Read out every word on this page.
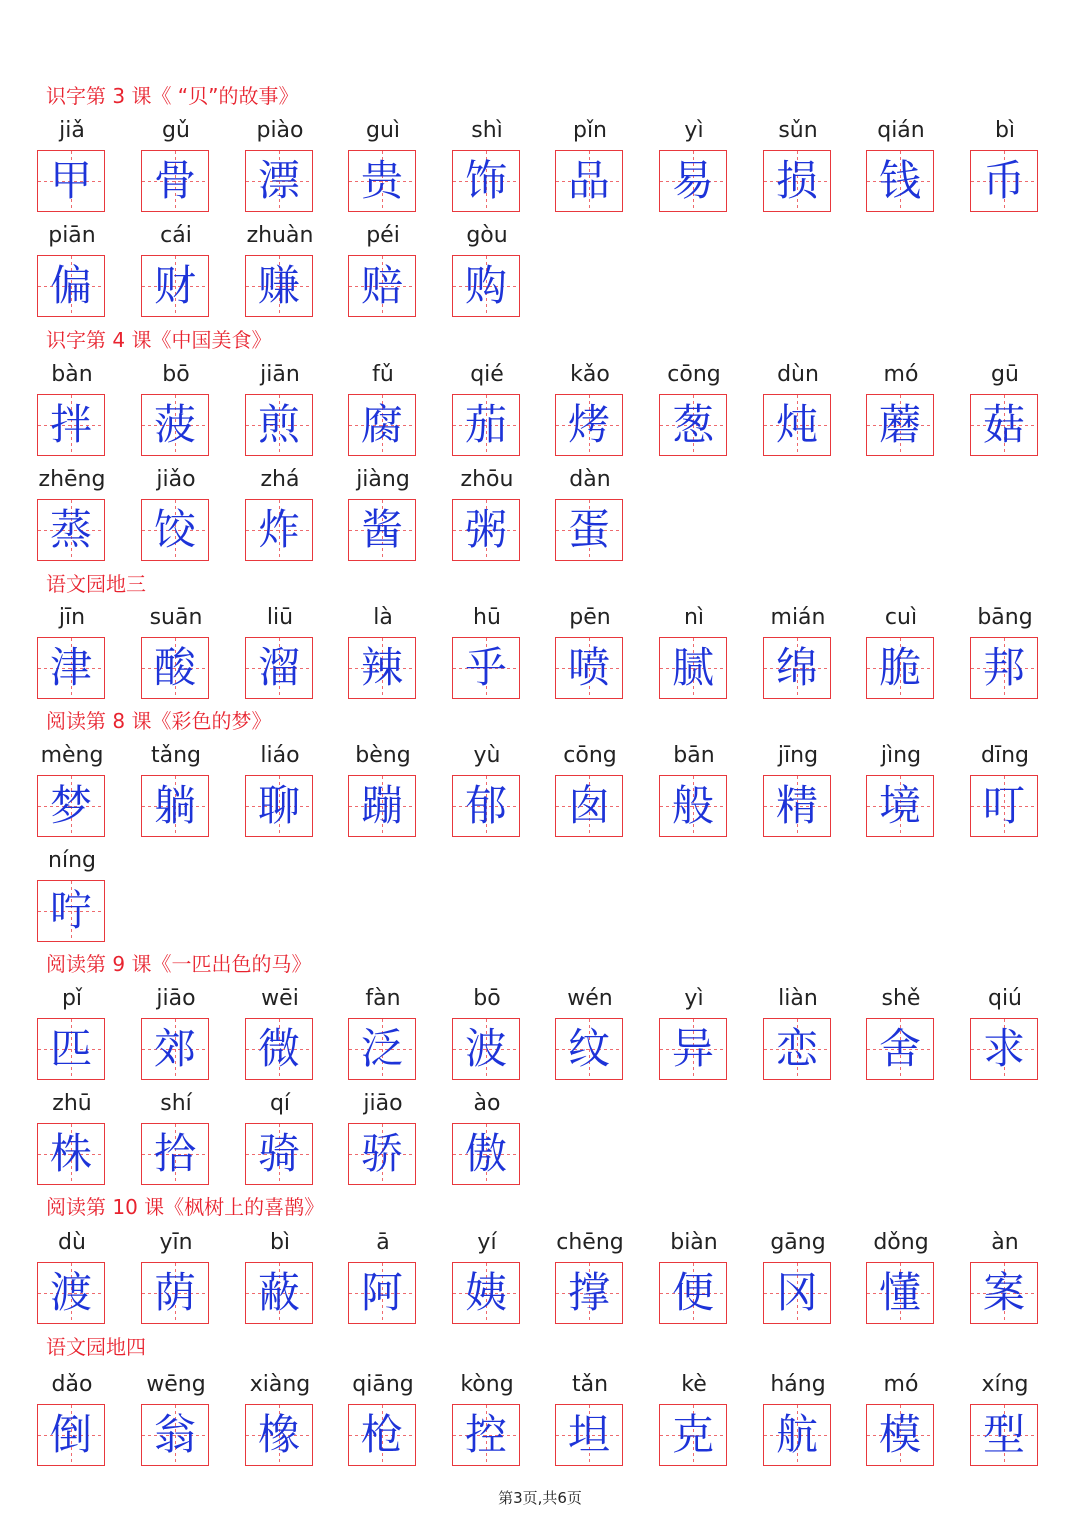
第3页,共6页
识字第 3 课《 “贝”的故事》
jiǎ
甲
gǔ
骨
piào
漂
guì
贵
shì
饰
pǐn
品
yì
易
sǔn
损
qián
钱
bì
币
piān
偏
cái
财
zhuàn
赚
péi
赔
gòu
购
识字第 4 课《中国美食》
bàn
拌
bō
菠
jiān
煎
fǔ
腐
qié
茄
kǎo
烤
cōng
葱
dùn
炖
mó
蘑
gū
菇
zhēng
蒸
jiǎo
饺
zhá
炸
jiàng
酱
zhōu
粥
dàn
蛋
语文园地三
jīn
津
suān
酸
liū
溜
là
辣
hū
乎
pēn
喷
nì
腻
mián
绵
cuì
脆
bāng
邦
阅读第 8 课《彩色的梦》
mèng
梦
tǎng
躺
liáo
聊
bèng
蹦
yù
郁
cōng
囱
bān
般
jīng
精
jìng
境
dīng
叮
níng
咛
阅读第 9 课《一匹出色的马》
pǐ
匹
jiāo
郊
wēi
微
fàn
泛
bō
波
wén
纹
yì
异
liàn
恋
shě
舍
qiú
求
zhū
株
shí
拾
qí
骑
jiāo
骄
ào
傲
阅读第 10 课《枫树上的喜鹊》
dù
渡
yīn
荫
bì
蔽
ā
阿
yí
姨
chēng
撑
biàn
便
gāng
冈
dǒng
懂
àn
案
语文园地四
dǎo
倒
wēng
翁
xiàng
橡
qiāng
枪
kòng
控
tǎn
坦
kè
克
háng
航
mó
模
xíng
型
